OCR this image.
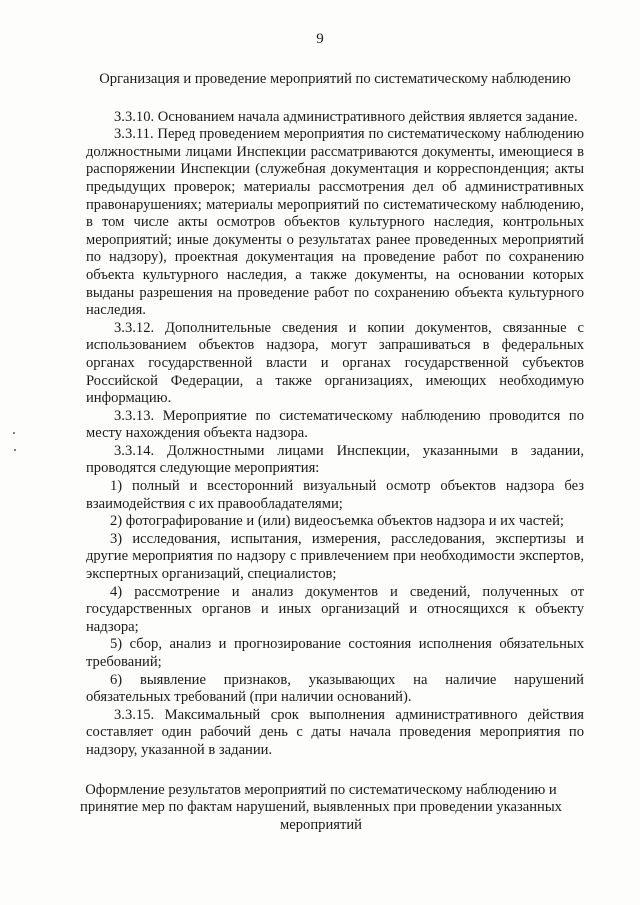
9

Организация и проведение мероприятий по систематическому наблюдению

3.3.10. Основанием начала административного действия является задание.

3.3.11. Перед проведением мероприятия по систематическому наблюдению должностными лицами Инспекции рассматриваются документы, имеющиеся в распоряжении Инспекции (служебная документация и корреспонденция; акты предыдущих проверок; материалы рассмотрения дел об административных правонарушениях; материалы мероприятий по систематическому наблюдению, в том числе акты осмотров объектов культурного наследия, контрольных мероприятий; иные документы о результатах ранее проведенных мероприятий по надзору), проектная документация на проведение работ по сохранению объекта культурного наследия, а также документы, на основании которых выданы разрешения на проведение работ по сохранению объекта культурного наследия.

3.3.12. Дополнительные сведения и копии документов, связанные с использованием объектов надзора, могут запрашиваться в федеральных органах государственной власти и органах государственной субъектов Российской Федерации, а также организациях, имеющих необходимую информацию.

3.3.13. Мероприятие по систематическому наблюдению проводится по месту нахождения объекта надзора.

3.3.14. Должностными лицами Инспекции, указанными в задании, проводятся следующие мероприятия:

1) полный и всесторонний визуальный осмотр объектов надзора без взаимодействия с их правообладателями;

2) фотографирование и (или) видеосъемка объектов надзора и их частей;

3) исследования, испытания, измерения, расследования, экспертизы и другие мероприятия по надзору с привлечением при необходимости экспертов, экспертных организаций, специалистов;

4) рассмотрение и анализ документов и сведений, полученных от государственных органов и иных организаций и относящихся к объекту надзора;

5) сбор, анализ и прогнозирование состояния исполнения обязательных требований;

6) выявление признаков, указывающих на наличие нарушений обязательных требований (при наличии оснований).

3.3.15. Максимальный срок выполнения административного действия составляет один рабочий день с даты начала проведения мероприятия по надзору, указанной в задании.

Оформление результатов мероприятий по систематическому наблюдению и принятие мер по фактам нарушений, выявленных при проведении указанных мероприятий
